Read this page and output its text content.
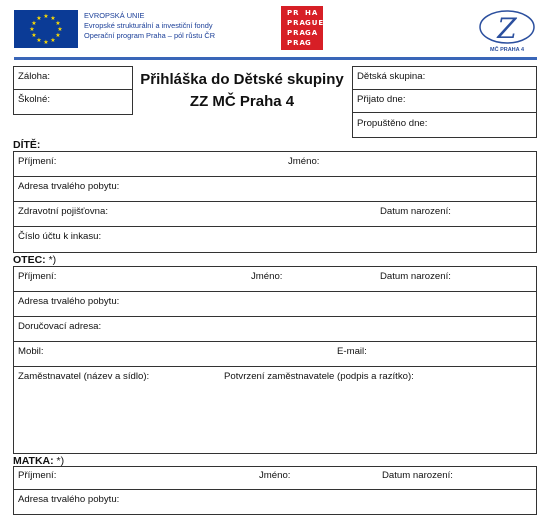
★ ★
★
★
★
★
★
★
★
★
★
★	EVROPSKÁ UNIE
Evropské strukturální a investiční fondy
Operační program Praha – pól růstu ČR
PR HA
PRA GUE
PRA GA
PRA G	Z
MČ PRAHA 4
Záloha:
Školné:
Přihláška do Dětské skupiny
ZZ MČ Praha 4
Dětská skupina:
Přijato dne:
Propuštěno dne:
DÍTĚ:
Příjmení:	Jméno:
Adresa trvalého pobytu:
Zdravotní pojišťovna:	Datum narození:
Číslo účtu k inkasu:
OTEC: *)
Příjmení:	Jméno:	Datum narození:
Adresa trvalého pobytu:
Doručovací adresa:
Mobil:	E-mail:
Zaměstnavatel (název a sídlo):	Potvrzení zaměstnavatele (podpis a razítko):
MATKA: *)
Příjmení:	Jméno:	Datum narození:
Adresa trvalého pobytu:
